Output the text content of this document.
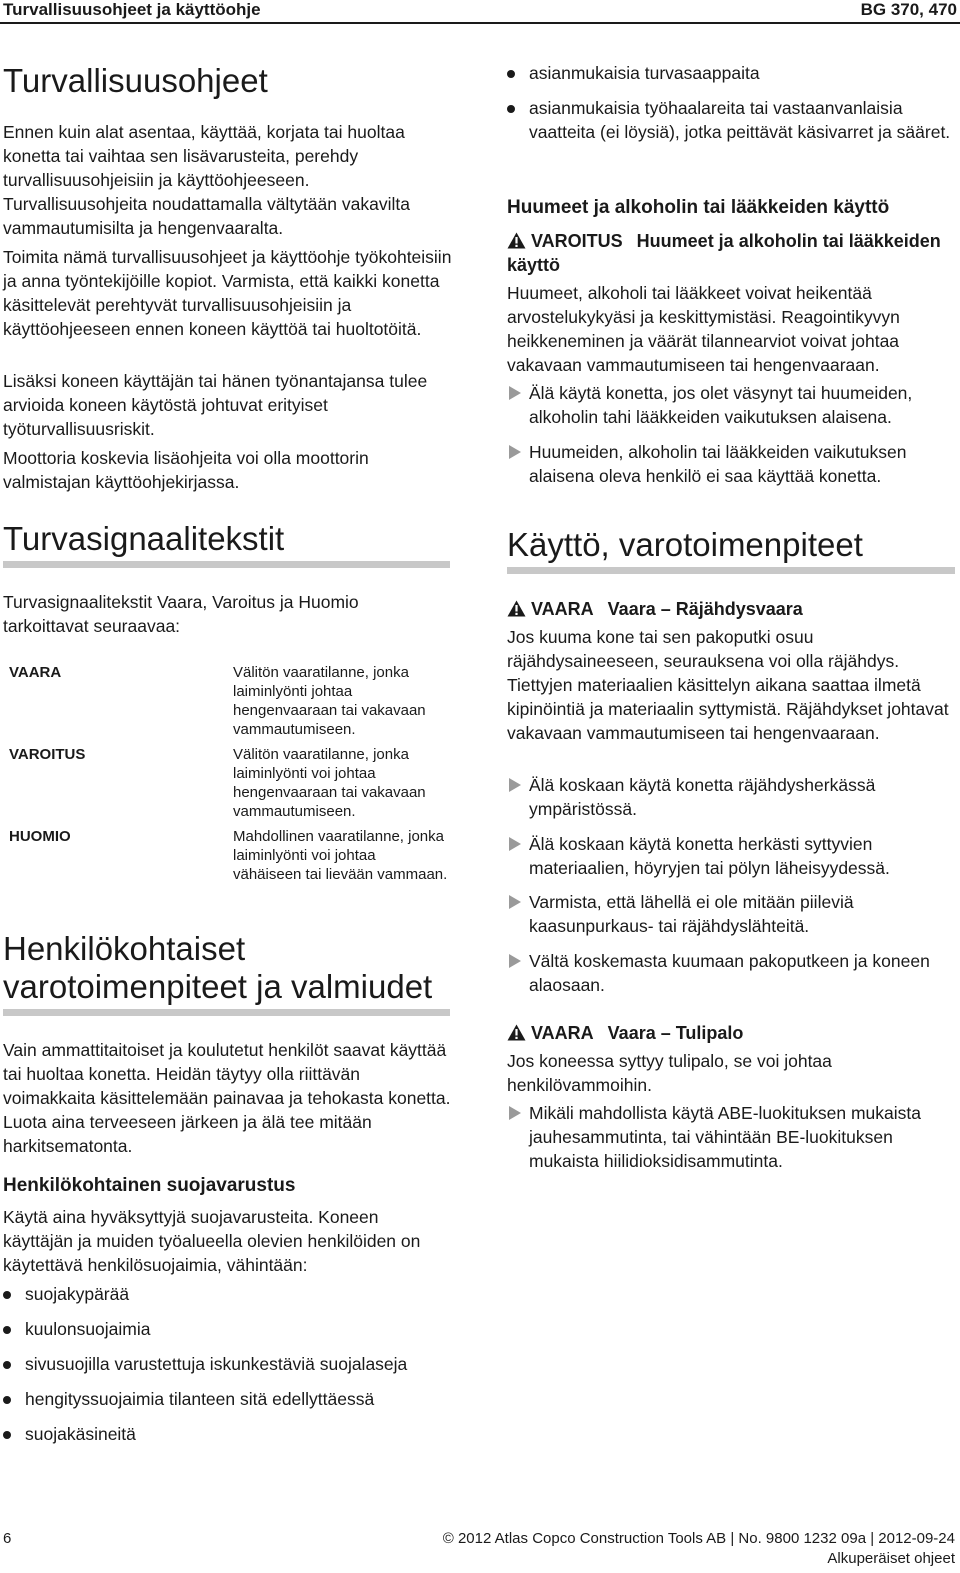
Turvallisuusohjeet ja käyttöohje	BG 370, 470
Turvallisuusohjeet
Ennen kuin alat asentaa, käyttää, korjata tai huoltaa konetta tai vaihtaa sen lisävarusteita, perehdy turvallisuusohjeisiin ja käyttöohjeeseen. Turvallisuusohjeita noudattamalla vältytään vakavilta vammautumisilta ja hengenvaaralta.
Toimita nämä turvallisuusohjeet ja käyttöohje työkohteisiin ja anna työntekijöille kopiot. Varmista, että kaikki konetta käsittelevät perehtyvät turvallisuusohjeisiin ja käyttöohjeeseen ennen koneen käyttöä tai huoltotöitä.
Lisäksi koneen käyttäjän tai hänen työnantajansa tulee arvioida koneen käytöstä johtuvat erityiset työturvallisuusriskit.
Moottoria koskevia lisäohjeita voi olla moottorin valmistajan käyttöohjekirjassa.
Turvasignaalitekstit
Turvasignaalitekstit Vaara, Varoitus ja Huomio tarkoittavat seuraavaa:
VAARA	Välitön vaaratilanne, jonka laiminlyönti johtaa hengenvaaraan tai vakavaan vammautumiseen.
VAROITUS	Välitön vaaratilanne, jonka laiminlyönti voi johtaa hengenvaaraan tai vakavaan vammautumiseen.
HUOMIO	Mahdollinen vaaratilanne, jonka laiminlyönti voi johtaa vähäiseen tai lievään vammaan.
Henkilökohtaiset
varotoimenpiteet ja valmiudet
Vain ammattitaitoiset ja koulutetut henkilöt saavat käyttää tai huoltaa konetta. Heidän täytyy olla riittävän voimakkaita käsittelemään painavaa ja tehokasta konetta. Luota aina terveeseen järkeen ja älä tee mitään harkitsematonta.
Henkilökohtainen suojavarustus
Käytä aina hyväksyttyjä suojavarusteita. Koneen käyttäjän ja muiden työalueella olevien henkilöiden on käytettävä henkilösuojaimia, vähintään:
suojakypärää
kuulonsuojaimia
sivusuojilla varustettuja iskunkestäviä suojalaseja
hengityssuojaimia tilanteen sitä edellyttäessä
suojakäsineitä
asianmukaisia turvasaappaita
asianmukaisia työhaalareita tai vastaanvanlaisia vaatteita (ei löysiä), jotka peittävät käsivarret ja sääret.
Huumeet ja alkoholin tai lääkkeiden käyttö
VAROITUS Huumeet ja alkoholin tai lääkkeiden käyttö
Huumeet, alkoholi tai lääkkeet voivat heikentää arvostelukykyäsi ja keskittymistäsi. Reagointikyvyn heikkeneminen ja väärät tilannearviot voivat johtaa vakavaan vammautumiseen tai hengenvaaraan.
Älä käytä konetta, jos olet väsynyt tai huumeiden, alkoholin tahi lääkkeiden vaikutuksen alaisena.
Huumeiden, alkoholin tai lääkkeiden vaikutuksen alaisena oleva henkilö ei saa käyttää konetta.
Käyttö, varotoimenpiteet
VAARA Vaara – Räjähdysvaara
Jos kuuma kone tai sen pakoputki osuu räjähdysaineeseen, seurauksena voi olla räjähdys. Tiettyjen materiaalien käsittelyn aikana saattaa ilmetä kipinöintiä ja materiaalin syttymistä. Räjähdykset johtavat vakavaan vammautumiseen tai hengenvaaraan.
Älä koskaan käytä konetta räjähdysherkässä ympäristössä.
Älä koskaan käytä konetta herkästi syttyvien materiaalien, höyryjen tai pölyn läheisyydessä.
Varmista, että lähellä ei ole mitään piileviä kaasunpurkaus- tai räjähdyslähteitä.
Vältä koskemasta kuumaan pakoputkeen ja koneen alaosaan.
VAARA Vaara – Tulipalo
Jos koneessa syttyy tulipalo, se voi johtaa henkilövammoihin.
Mikäli mahdollista käytä ABE-luokituksen mukaista jauhesammutinta, tai vähintään BE-luokituksen mukaista hiilidioksidisammutinta.
6	© 2012 Atlas Copco Construction Tools AB | No. 9800 1232 09a | 2012-09-24
Alkuperäiset ohjeet
